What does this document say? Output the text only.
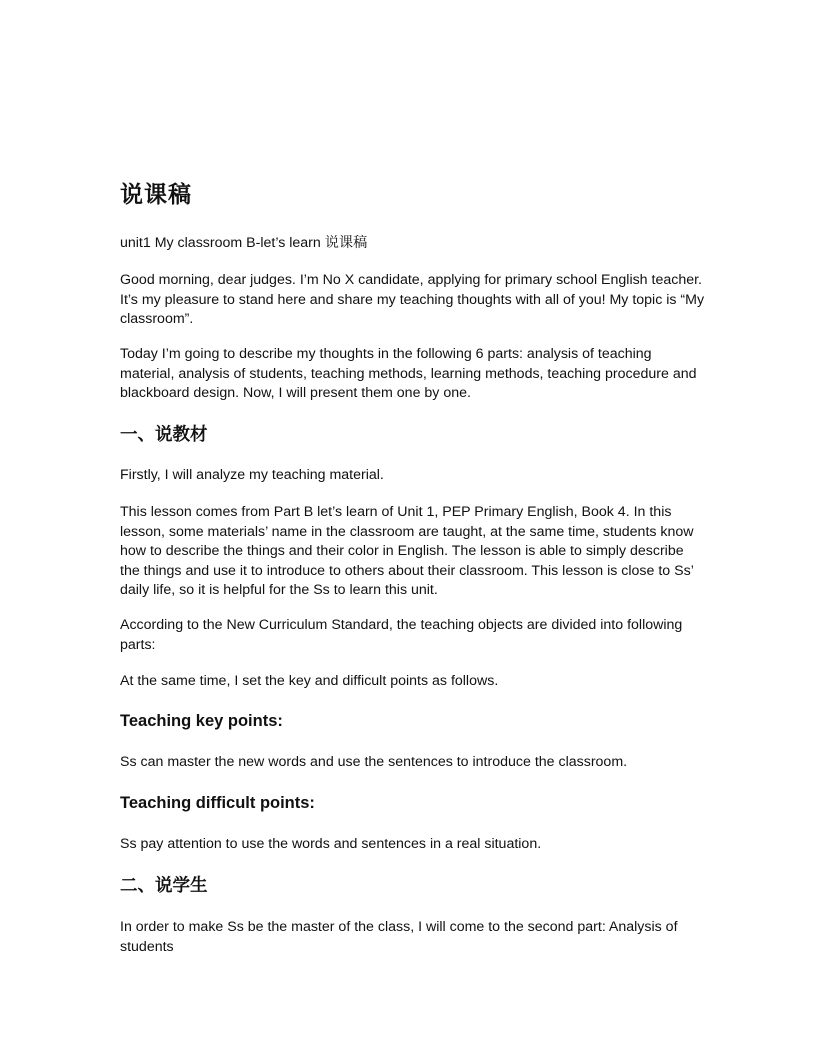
说课稿

unit1 My classroom B-let’s learn 说课稿

Good morning, dear judges. I’m No X candidate, applying for primary school English teacher. It’s my pleasure to stand here and share my teaching thoughts with all of you! My topic is “My classroom”.

Today I’m going to describe my thoughts in the following 6 parts: analysis of teaching material, analysis of students, teaching methods, learning methods, teaching procedure and blackboard design. Now, I will present them one by one.

一、说教材

Firstly, I will analyze my teaching material.

This lesson comes from Part B let’s learn of Unit 1, PEP Primary English, Book 4. In this lesson, some materials’ name in the classroom are taught, at the same time, students know how to describe the things and their color in English. The lesson is able to simply describe the things and use it to introduce to others about their classroom. This lesson is close to Ss’ daily life, so it is helpful for the Ss to learn this unit.

According to the New Curriculum Standard, the teaching objects are divided into following parts:

At the same time, I set the key and difficult points as follows.

Teaching key points:

Ss can master the new words and use the sentences to introduce the classroom.

Teaching difficult points:

Ss pay attention to use the words and sentences in a real situation.

二、说学生

In order to make Ss be the master of the class, I will come to the second part: Analysis of students
